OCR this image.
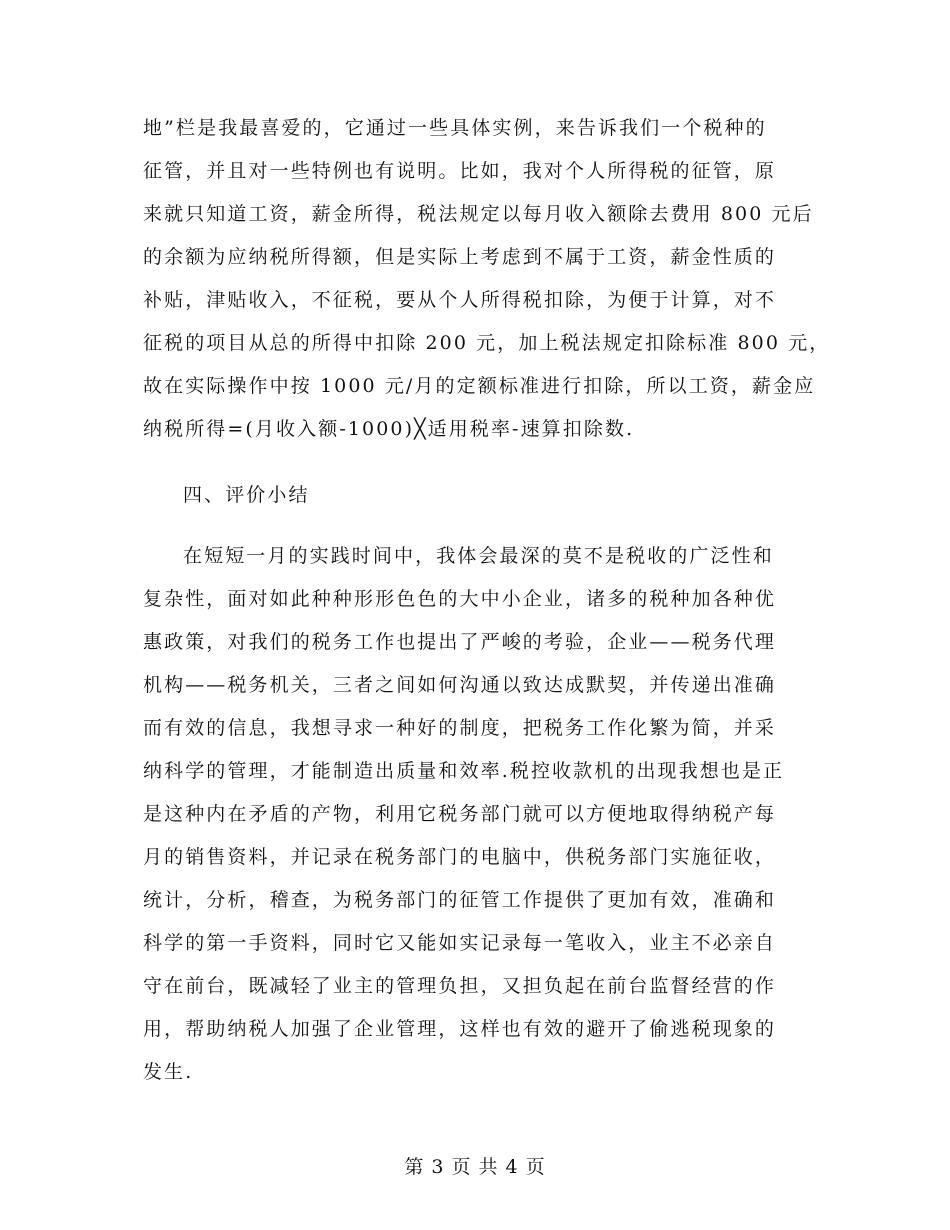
地”栏是我最喜爱的，它通过一些具体实例，来告诉我们一个税种的
征管，并且对一些特例也有说明。比如，我对个人所得税的征管，原
来就只知道工资，薪金所得，税法规定以每月收入额除去费用 800 元后
的余额为应纳税所得额，但是实际上考虑到不属于工资，薪金性质的
补贴，津贴收入，不征税，要从个人所得税扣除，为便于计算，对不
征税的项目从总的所得中扣除 200 元，加上税法规定扣除标准 800 元，
故在实际操作中按 1000 元/月的定额标准进行扣除，所以工资，薪金应
纳税所得=(月收入额-1000)╳适用税率-速算扣除数.
四、评价小结
在短短一月的实践时间中，我体会最深的莫不是税收的广泛性和
复杂性，面对如此种种形形色色的大中小企业，诸多的税种加各种优
惠政策，对我们的税务工作也提出了严峻的考验，企业——税务代理
机构——税务机关，三者之间如何沟通以致达成默契，并传递出准确
而有效的信息，我想寻求一种好的制度，把税务工作化繁为简，并采
纳科学的管理，才能制造出质量和效率.税控收款机的出现我想也是正
是这种内在矛盾的产物，利用它税务部门就可以方便地取得纳税产每
月的销售资料，并记录在税务部门的电脑中，供税务部门实施征收，
统计，分析，稽查，为税务部门的征管工作提供了更加有效，准确和
科学的第一手资料，同时它又能如实记录每一笔收入，业主不必亲自
守在前台，既减轻了业主的管理负担，又担负起在前台监督经营的作
用，帮助纳税人加强了企业管理，这样也有效的避开了偷逃税现象的
发生.
第 3 页 共 4 页
